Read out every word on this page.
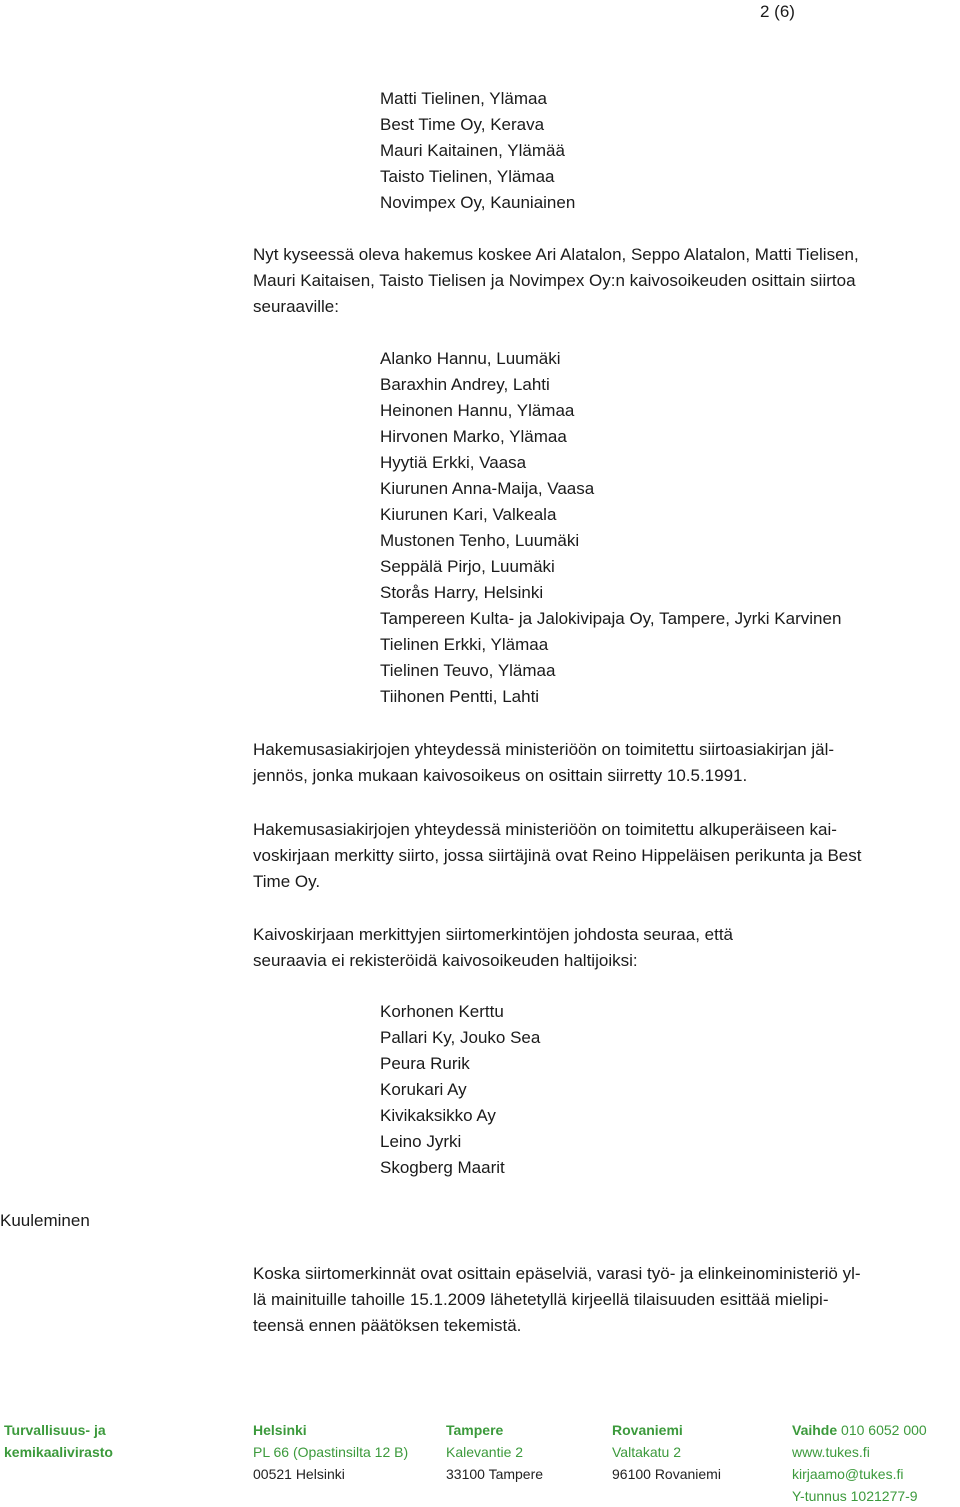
2 (6)
Matti Tielinen, Ylämaa
Best Time Oy, Kerava
Mauri Kaitainen, Ylämää
Taisto Tielinen, Ylämaa
Novimpex Oy, Kauniainen

Nyt kyseessä oleva hakemus koskee Ari Alatalon, Seppo Alatalon, Matti Tielisen,
Mauri Kaitaisen, Taisto Tielisen ja Novimpex Oy:n kaivosoikeuden osittain siirtoa
seuraaville:

Alanko Hannu, Luumäki
Baraxhin Andrey, Lahti
Heinonen Hannu, Ylämaa
Hirvonen Marko, Ylämaa
Hyytiä Erkki, Vaasa
Kiurunen Anna-Maija, Vaasa
Kiurunen Kari, Valkeala
Mustonen Tenho, Luumäki
Seppälä Pirjo, Luumäki
Storås Harry, Helsinki
Tampereen Kulta- ja Jalokivipaja Oy, Tampere, Jyrki Karvinen
Tielinen Erkki, Ylämaa
Tielinen Teuvo, Ylämaa
Tiihonen Pentti, Lahti

Hakemusasiakirjojen yhteydessä ministeriöön on toimitettu siirtoasiakirjan jäl-
jennös, jonka mukaan kaivosoikeus on osittain siirretty 10.5.1991.

Hakemusasiakirjojen yhteydessä ministeriöön on toimitettu alkuperäiseen kai-
voskirjaan merkitty siirto, jossa siirtäjinä ovat Reino Hippeläisen perikunta ja Best
Time Oy.

Kaivoskirjaan merkittyjen siirtomerkintöjen johdosta seuraa, että
seuraavia ei rekisteröidä kaivosoikeuden haltijoiksi:

Korhonen Kerttu
Pallari Ky, Jouko Sea
Peura Rurik
Korukari Ay
Kivikaksikko Ay
Leino Jyrki
Skogberg Maarit
Kuuleminen

Koska siirtomerkinnät ovat osittain epäselviä, varasi työ- ja elinkeinoministeriö yl-
lä mainituille tahoille 15.1.2009 lähetetyllä kirjeellä tilaisuuden esittää mielipi-
teensä ennen päätöksen tekemistä.

Turvallisuus- ja
kemikaalivirasto
Helsinki
PL 66 (Opastinsilta 12 B)
00521 Helsinki
Tampere
Kalevantie 2
33100 Tampere
Rovaniemi
Valtakatu 2
96100 Rovaniemi
Vaihde 010 6052 000
www.tukes.fi
kirjaamo@tukes.fi
Y-tunnus 1021277-9
